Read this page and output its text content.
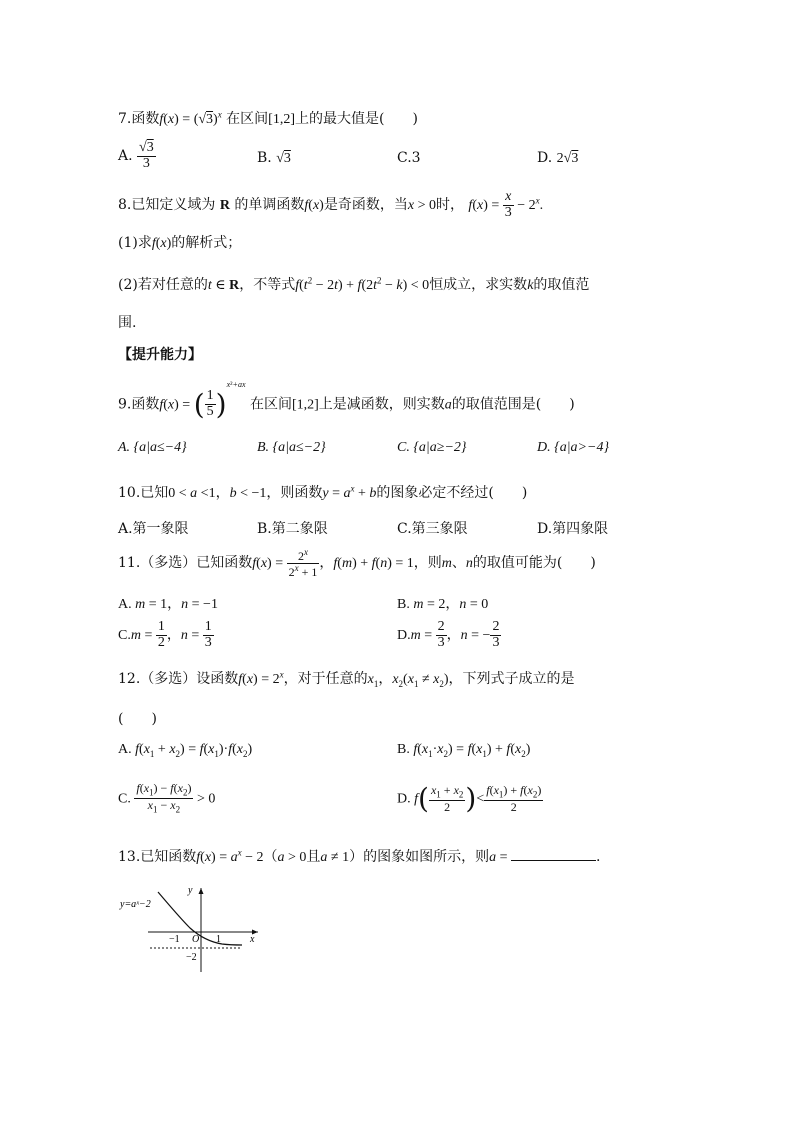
7.函数$f(x) = (√3)^x$ 在区间[1,2]上的最大值是(　　)
A. $\frac{√3}{3}$	B. √3	C.3	D. 2√3
8.已知定义域为 R 的单调函数f(x)是奇函数，当x > 0时， $f(x) = \frac{x}{3} - 2^x$.
(1)求f(x)的解析式；
(2)若对任意的t ∈ R，不等式$f(t^2 - 2t) + f(2t^2 - k) < 0$恒成立，求实数k的取值范
围.
【提升能力】
9.函数f(x) = ( $\frac{1}{5} )^{x^2+ax}$ 在区间[1,2]上是减函数，则实数a的取值范围是(　　)
A. {a|a≤−4}	B. {a|a≤−2}	C. {a|a≥−2}	D. {a|a>−4}
10.已知0 < a <1，b < −1，则函数$y = a^x + b$的图象必定不经过(　　)
A.第一象限	B.第二象限	C.第三象限	D.第四象限
11.（多选）已知函数$f(x) = \frac{2^x}{2^x + 1}$ ，f(m) + f(n) = 1，则m、n的取值可能为(　　)
A. m = 1，n = −1	B. m = 2，n = 0
$C.m = \frac{1}{2}$ ，$n = \frac{1}{3}$	$D.m = \frac{2}{3}$ ，n = − $\frac{2}{3}$
12.（多选）设函数$f(x) = 2^x$，对于任意的$x_1$，$x_2(x_1 \ne x_2)$，下列式子成立的是
(　　)
A. $f(x_1 + x_2) = f(x_1)\cdot f(x_2)$	B. $f(x_1\cdot x_2) = f(x_1) + f(x_2)$
C. $\frac{f(x_1) - f(x_2)}{x_1 - x_2} > 0$	D. $f( \frac{x_1 + x_2}{2}$ )< $\frac{f(x_1) + f(x_2)}{2}$
13.已知函数$f(x) = a^x - 2(a > 0$且a ≠ 1）的图象如图所示，则a =	.
y=aˣ−2
y
x
O
−1	1
−2
